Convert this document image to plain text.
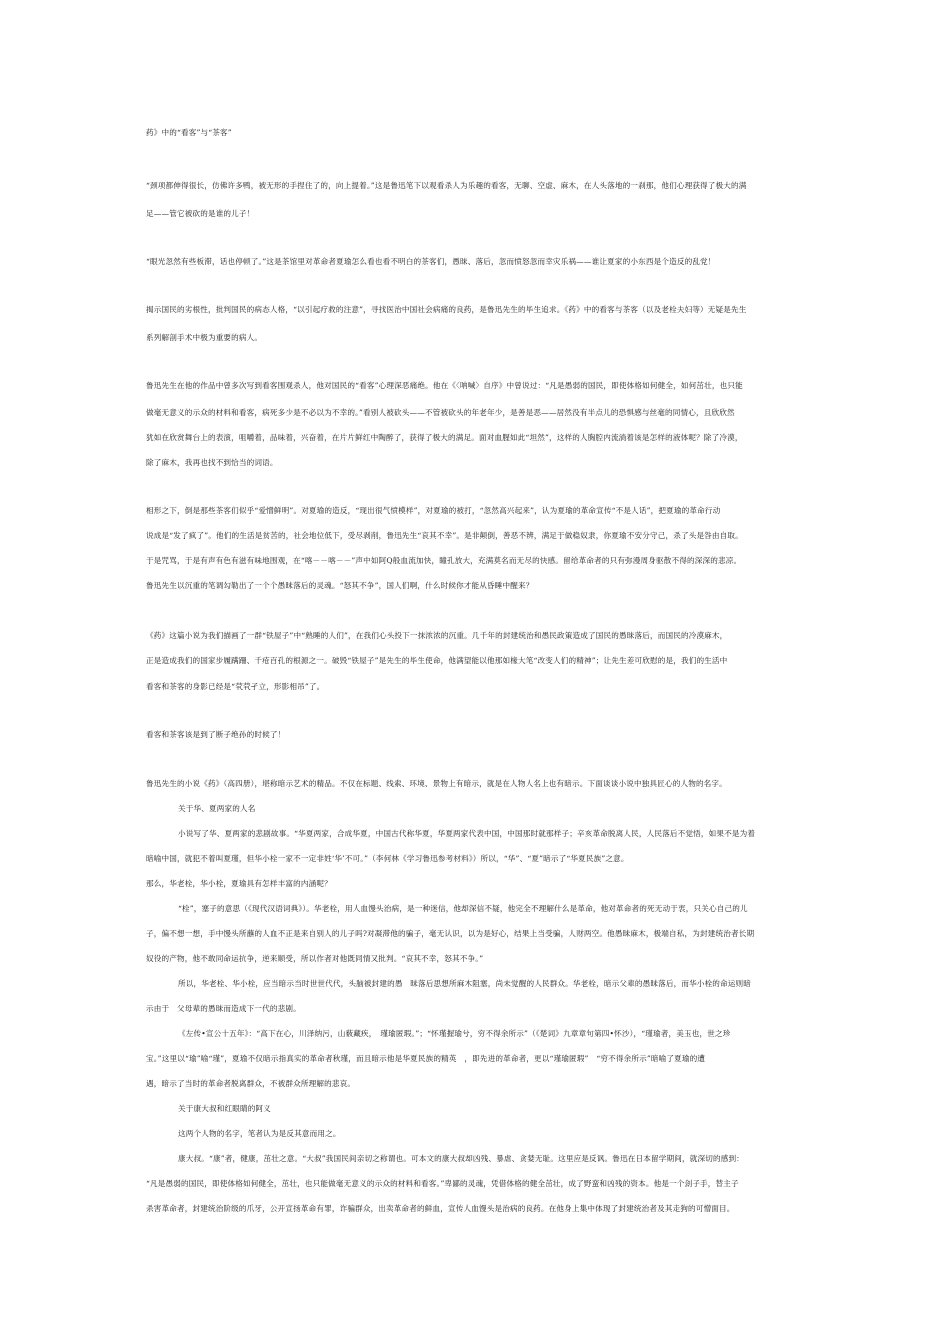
药》中的“看客”与“茶客”
“颈项都伸得很长，仿佛许多鸭，被无形的手捏住了的，向上提着。”这是鲁迅笔下以观看杀人为乐趣的看客，无聊、空虚、麻木，在人头落地的一刹那，他们心理获得了极大的满
足——管它被砍的是谁的儿子！
“眼光忽然有些板滞，话也停顿了。”这是茶馆里对革命者夏瑜怎么看也看不明白的茶客们，愚昧、落后，忽而愤怒忽而幸灾乐祸——谁让夏家的小东西是个造反的乱党！
揭示国民的劣根性，批判国民的病态人格，“以引起疗救的注意”，寻找医治中国社会病痛的良药，是鲁迅先生的毕生追求。《药》中的看客与茶客（以及老栓夫妇等）无疑是先生
系列解剖手术中极为重要的病人。
鲁迅先生在他的作品中曾多次写到看客围观杀人，他对国民的“看客”心理深恶痛绝。他在《〈呐喊〉自序》中曾说过：“凡是愚弱的国民，即使体格如何健全，如何茁壮，也只能
做毫无意义的示众的材料和看客，病死多少是不必以为不幸的。”看别人被砍头——不管被砍头的年老年少，是善是恶——居然没有半点儿的恐惧感与丝毫的同情心，且欣欣然
犹如在欣赏舞台上的表演，咀嚼着，品味着，兴奋着，在片片鲜红中陶醉了，获得了极大的满足。面对血腥如此“坦然”，这样的人胸腔内流淌着该是怎样的液体呢？除了冷漠，
除了麻木，我再也找不到恰当的词语。
相形之下，倒是那些茶客们似乎“爱憎鲜明”。对夏瑜的造反，“现出很气愤模样”，对夏瑜的被打，“忽然高兴起来”，认为夏瑜的革命宣传“不是人话”，把夏瑜的革命行动
说成是“发了疯了”。他们的生活是贫苦的，社会地位低下，受尽剥削，鲁迅先生“哀其不幸”。是非颠倒，善恶不辨，满足于做稳奴隶，你夏瑜不安分守己，杀了头是咎由自取。
于是咒骂，于是有声有色有滋有味地围观，在“喀－－喀－－”声中如阿Q般血流加快，瞳孔放大，充满莫名而无尽的快感。留给革命者的只有弥漫周身驱散不得的深深的悲凉。
鲁迅先生以沉重的笔调勾勒出了一个个愚昧落后的灵魂。“怒其不争”，国人们啊，什么时候你才能从昏睡中醒来？
《药》这篇小说为我们描画了一群“铁屋子”中“熟睡的人们”，在我们心头投下一抹浓浓的沉重。几千年的封建统治和愚民政策造成了国民的愚昧落后，而国民的冷漠麻木，
正是造成我们的国家步履蹒跚、千疮百孔的根源之一。破毁“铁屋子”是先生的毕生使命，他满望能以他那如椽大笔“改变人们的精神”；让先生差可欣慰的是，我们的生活中
看客和茶客的身影已经是“茕茕孑立，形影相吊”了。
看客和茶客该是到了断子绝孙的时候了！
鲁迅先生的小说《药》（高四册），堪称暗示艺术的精品。不仅在标题、线索、环境、景物上有暗示，就是在人物人名上也有暗示。下面谈谈小说中独具匠心的人物的名字。
关于华、夏两家的人名
小说写了华、夏两家的悲剧故事。“华夏两家，合成华夏，中国古代称华夏，华夏两家代表中国，中国那时就那样子；辛亥革命脱离人民，人民落后不觉悟，如果不是为着
暗喻中国，就犯不着叫夏瑾，但华小栓一家不一定非姓‘华’不可。”（李何林《学习鲁迅参考材料》）所以，“华”、“夏”暗示了“华夏民族”之意。
那么，华老栓，华小栓，夏瑜具有怎样丰富的内涵呢？
“栓”，塞子的意思（《现代汉语词典》）。华老栓，用人血馒头治病，是一种迷信，他却深信不疑，他完全不理解什么是革命，他对革命者的死无动于衷，只关心自己的儿
子，偏不想一想，手中馒头所蘸的人血不正是来自别人的儿子吗?对凝滞他的骗子，毫无认识，以为是好心，结果上当受骗，人财两空。他愚昧麻木，极端自私，为封建统治者长期
奴役的产物，他不敢同命运抗争，逆来顺受，所以作者对他既同情又批判。“哀其不幸，怒其不争。”
所以，华老栓、华小栓，应当暗示当时世世代代，头脑被封建的愚　昧落后思想所麻木阻塞，尚未觉醒的人民群众。华老栓，暗示父辈的愚昧落后，而华小栓的命运则暗
示由于　父母辈的愚昧而造成下一代的悲剧。
《左传•宣公十五年》：“高下在心，川泽纳污，山薮藏疾，　瑾瑜匿瑕。”；“怀瑾握瑜兮，穷不得余所示”（《楚词》九章章句第四•怀沙），“瑾瑜者，美玉也，世之珍
宝。”这里以“瑜”喻“瑾”，夏瑜不仅暗示指真实的革命者秋瑾，而且暗示他是华夏民族的精英　，即先进的革命者，更以“瑾瑜匿瑕”　“穷不得余所示”暗喻了夏瑜的遭
遇，暗示了当时的革命者脱离群众，不被群众所理解的悲哀。
关于康大叔和红眼睛的阿义
这两个人物的名字，笔者认为是反其意而用之。
康大叔。“康”者，健康，茁壮之意。“大叔”我国民间亲切之称谓也。可本文的康大叔却凶残、暴虐、贪婪无耻。这里应是反讽。鲁迅在日本留学期间，就深切的感到：
“凡是愚弱的国民，即使体格如何健全，茁壮，也只能做毫无意义的示众的材料和看客。”卑鄙的灵魂，凭借体格的健全茁壮，成了野蛮和凶残的资本。他是一个刽子手，替主子
杀害革命者，封建统治阶级的爪牙，公开宣扬革命有罪，诈骗群众，出卖革命者的鲜血，宣传人血馒头是治病的良药。在他身上集中体现了封建统治者及其走狗的可憎面目。
